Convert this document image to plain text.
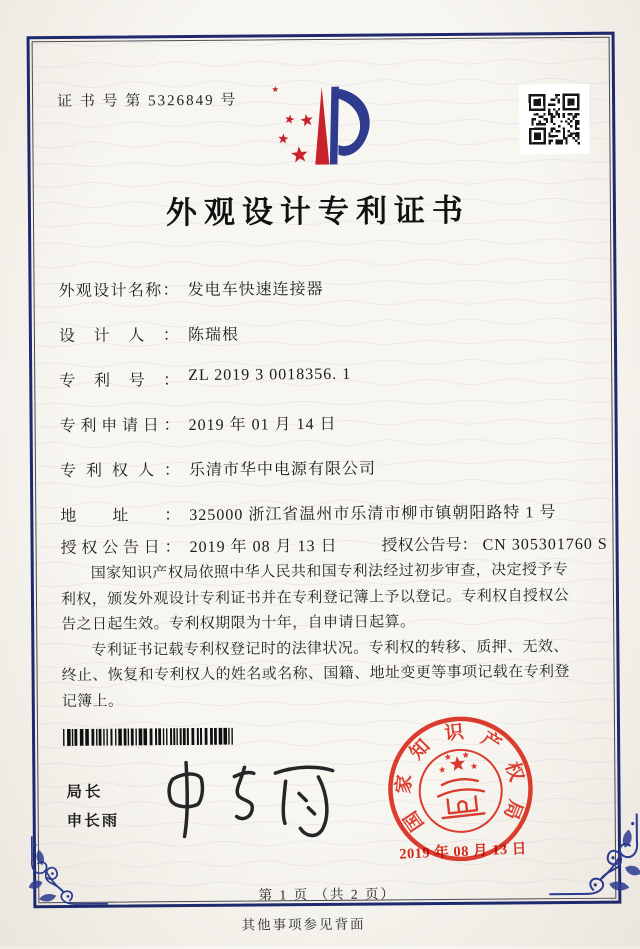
证 书 号 第 5326849 号
外观设计专利证书
外观设计名称： 发电车快速连接器
设计人： 陈瑞根
专利号： ZL 2019 3 0018356. 1
专利申请日： 2019 年 01 月 14 日
专利权人： 乐清市华中电源有限公司
地址： 325000 浙江省温州市乐清市柳市镇朝阳路特 1 号
授权公告日： 2019 年 08 月 13 日	授权公告号： CN 305301760 S

国家知识产权局依照中华人民共和国专利法经过初步审查，决定授予专利权，颁发外观设计专利证书并在专利登记簿上予以登记。专利权自授权公告之日起生效。专利权期限为十年，自申请日起算。

专利证书记载专利权登记时的法律状况。专利权的转移、质押、无效、终止、恢复和专利权人的姓名或名称、国籍、地址变更等事项记载在专利登记簿上。

局长
申长雨	国
家
知
识 产
权
局
2019 年 08 月 13 日
第 1 页 （共 2 页）
其他事项参见背面
